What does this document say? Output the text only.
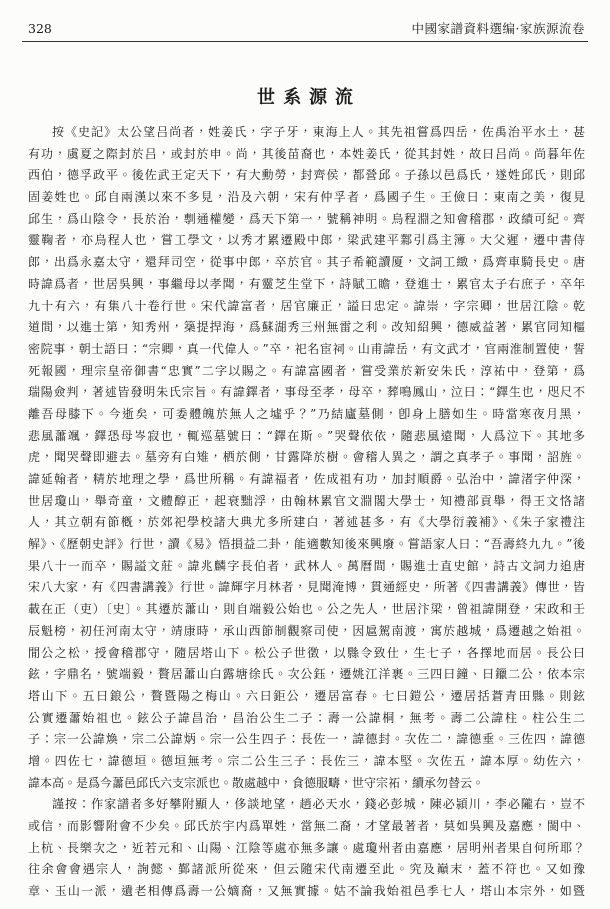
328	中國家譜資料選编·家族源流卷
世系源流
按《史記》太公望吕尚者，姓姜氏，字子牙，東海上人。其先祖嘗爲四岳，佐禹治平水土，甚
有功，虞夏之際封於吕，或封於申。尚，其後苗裔也，本姓姜氏，從其封姓，故曰吕尚。尚暮年佐
西伯，德孚政平。後佐武王定天下，有大勳勞，封齊侯，都營邱。子孫以邑爲氏，遂姓邱氏，則邱
固姜姓也。邱自兩漢以來不多見，沿及六朝，宋有仲孚者，爲國子生。王儉曰：東南之美，復見
邱生，爲山陰令，長於治，剸通權變，爲天下第一，號稱神明。烏程淵之知會稽郡，政績可紀。齊
靈鞠者，亦烏程人也，嘗工學文，以秀才累遷殿中郎，梁武建平鄴引爲主簿。大父遲，遷中書侍
郎，出爲永嘉太守，還拜司空，從事中郎，卒於官。其子希範讀厦，文詞工緻，爲齊車騎長史。唐
時諱爲者，世居吳興，事繼母以孝聞，有靈芝生堂下，詩賦工瞻，登進士，累官太子右庶子，卒年
九十有六，有集八十卷行世。宋代諱富者，居官廉正，謚曰忠定。諱崇，字宗卿，世居江陰。乾
道間，以進士第，知秀州，築提捍海，爲蘇湖秀三州無雷之利。改知紹興，德威益著，累官同知樞
密院事，朝士語曰：“宗卿，真一代偉人。”卒，祀名宦祠。山甫諱岳，有文武才，官兩淮制置使，誓
死報國，理宗皇帝御書“忠實”二字以賜之。有諱富國者，嘗受業於新安朱氏，淳祐中，登第，爲
瑞陽僉判，著述皆發明朱氏宗旨。有諱鐸者，事母至孝，母卒，葬鳴鳳山，泣曰：“鐸生也，咫尺不
離吾母膝下。今逝矣，可委體魄於無人之墟乎？”乃結廬墓側，卽身上膳如生。時當寒夜月黑，
悲風蕭颯，鐸恐母岑寂也，輒巡墓號曰：“鐸在斯。”哭聲依依，隨悲風遠聞，人爲泣下。其地多
虎，聞哭聲即避去。墓旁有白雉，栖於側，甘露降於樹。會稽人異之，謂之真孝子。事聞，詔旌。
諱延翰者，精於地理之學，爲世所稱。有諱福者，佐成祖有功，加封順爵。弘治中，諱渚字仲深，
世居瓊山，舉奇童，文體醇正，起衰黜浮，由翰林累官文淵閣大學士，知禮部貢舉，得王文恪諸
人，其立朝有節槪，於郊祀學校諸大典尤多所建白，著述甚多，有《大學衍義補》、《朱子家禮注
解》、《歷朝史評》行世，讀《易》悟損益二卦，能適數知後來興廢。嘗語家人曰：“吾壽終九九。”後
果八十一而卒，賜謚文莊。諱兆麟字長伯者，武林人。萬曆間，賜進士直史館，詩古文詞力追唐
宋八大家，有《四書講義》行世。諱輝字月林者，見聞淹博，貫通經史，所著《四書講義》傳世，皆
載在正（吏）〔史〕。其遷於蕭山，則自端毅公始也。公之先人，世居汴梁，曾祖諱開登，宋政和壬
辰魁榜，初任河南太守，靖康時，承山西節制觀察司使，因扈駕南渡，寓於越城，爲遷越之始祖。
閒公之松，授會稽郡守，隨居塔山下。松公子世徵，以縣令致仕，生七子，各擇地而居。長公曰
鉉，字鼎名，號端毅，贅居蕭山白露塘徐氏。次公鈺，遷姚江洋裹。三四曰鐘、曰鑞二公，依本宗
塔山下。五曰鋃公，贅暨陽之梅山。六曰鉅公，遷居富春。七曰鎧公，遷居括蒼青田縣。則鉉
公實遷蕭始祖也。鉉公子諱昌治，昌治公生二子：壽一公諱桐，無考。壽二公諱柱。柱公生二
子：宗一公諱煥，宗二公諱炳。宗一公生四子：長佐一，諱德封。次佐二，諱德垂。三佐四，諱德
增。四佐七，諱德垣。德垣無考。宗二公生三子：長佐三，諱本堅。次佐五，諱本厚。幼佐六，
諱本高。是爲今蕭邑邱氏六支宗派也。散處越中，食德服疇，世守宗祏，續承勿替云。
謹按：作家譜者多好攀附顯人，侈談地望，趙必天水，錢必彭城，陳必潁川，李必隴右，豈不
或信，而影響附會不少矣。邱氏於宇内爲單姓，當無二裔，才望最著者，莫如吳興及嘉應，閩中、
上杭、長樂次之，近若元和、山陽、江陰等處亦無多讓。處瓊州者由嘉應，居明州者果自何所耶？
往余會會遇宗人，詢懿、鄞諸派所從來，但云隨宋代南遷至此。究及巔末，蓋不符也。又如豫
章、玉山一派，遺老相傳爲壽一公嫡裔，又無實據。姑不論我始祖邑季七人，塔山本宗外，如暨
